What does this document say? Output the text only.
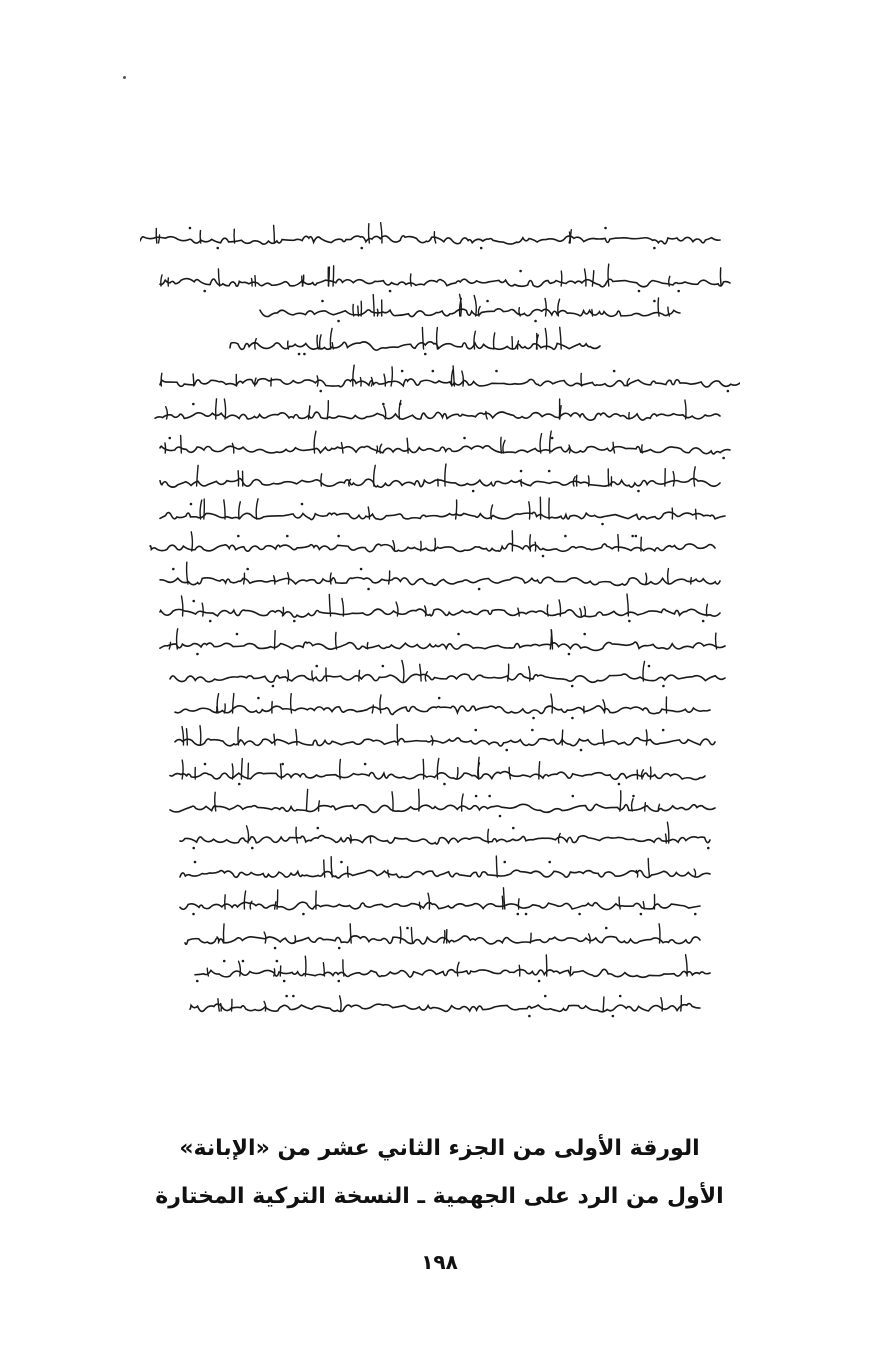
الورقة الأولى من الجزء الثاني عشر من «الإبانة»
الأول من الرد على الجهمية ـ النسخة التركية المختارة
١٩٨
